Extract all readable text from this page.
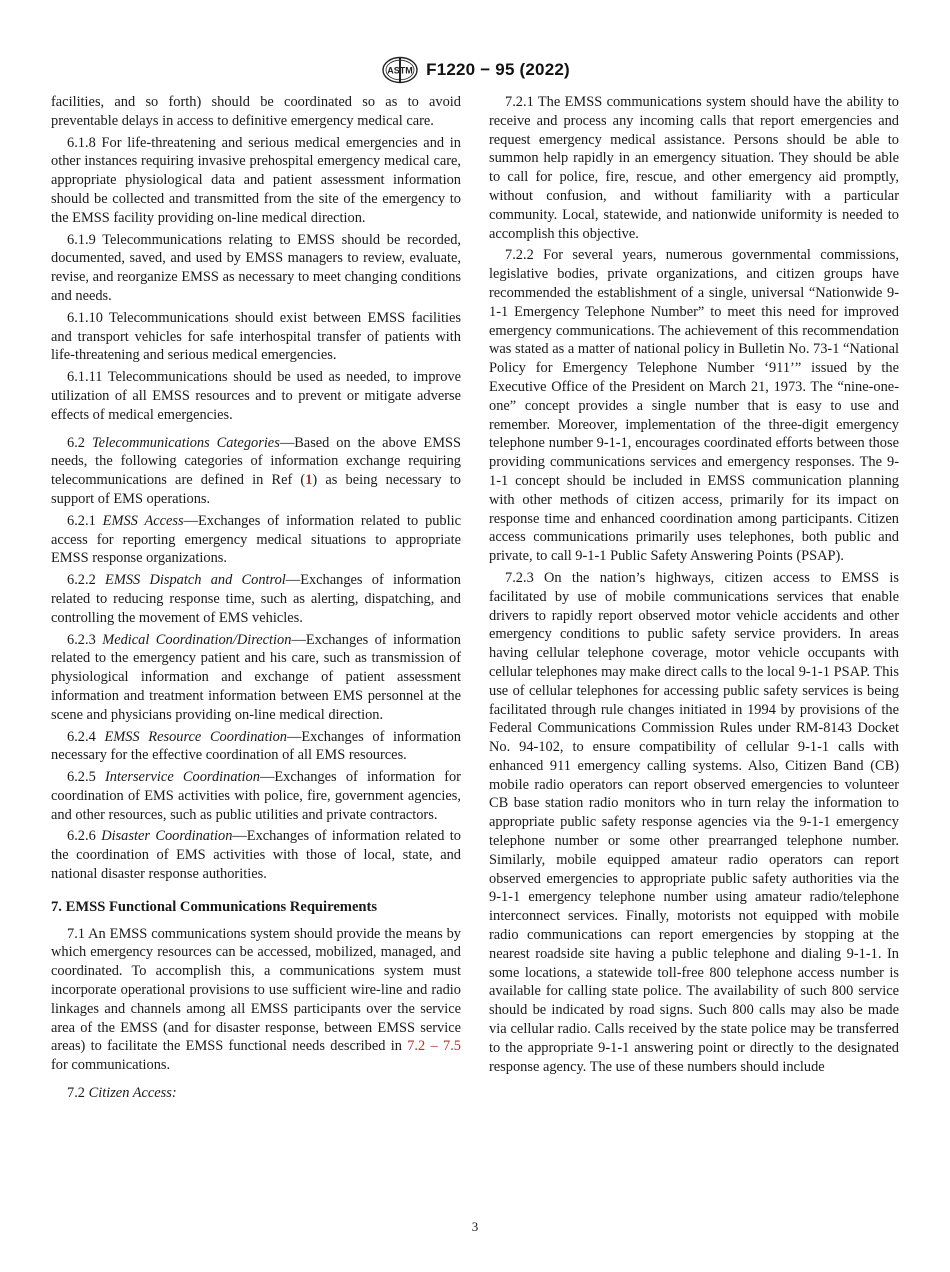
ASTM F1220 − 95 (2022)

facilities, and so forth) should be coordinated so as to avoid preventable delays in access to definitive emergency medical care.

6.1.8 For life-threatening and serious medical emergencies and in other instances requiring invasive prehospital emergency medical care, appropriate physiological data and patient assessment information should be collected and transmitted from the site of the emergency to the EMSS facility providing on-line medical direction.

6.1.9 Telecommunications relating to EMSS should be recorded, documented, saved, and used by EMSS managers to review, evaluate, revise, and reorganize EMSS as necessary to meet changing conditions and needs.

6.1.10 Telecommunications should exist between EMSS facilities and transport vehicles for safe interhospital transfer of patients with life-threatening and serious medical emergencies.

6.1.11 Telecommunications should be used as needed, to improve utilization of all EMSS resources and to prevent or mitigate adverse effects of medical emergencies.

6.2 Telecommunications Categories—Based on the above EMSS needs, the following categories of information exchange requiring telecommunications are defined in Ref (1) as being necessary to support of EMS operations.

6.2.1 EMSS Access—Exchanges of information related to public access for reporting emergency medical situations to appropriate EMSS response organizations.

6.2.2 EMSS Dispatch and Control—Exchanges of information related to reducing response time, such as alerting, dispatching, and controlling the movement of EMS vehicles.

6.2.3 Medical Coordination/Direction—Exchanges of information related to the emergency patient and his care, such as transmission of physiological information and exchange of patient assessment information and treatment information between EMS personnel at the scene and physicians providing on-line medical direction.

6.2.4 EMSS Resource Coordination—Exchanges of information necessary for the effective coordination of all EMS resources.

6.2.5 Interservice Coordination—Exchanges of information for coordination of EMS activities with police, fire, government agencies, and other resources, such as public utilities and private contractors.

6.2.6 Disaster Coordination—Exchanges of information related to the coordination of EMS activities with those of local, state, and national disaster response authorities.

7. EMSS Functional Communications Requirements

7.1 An EMSS communications system should provide the means by which emergency resources can be accessed, mobilized, managed, and coordinated. To accomplish this, a communications system must incorporate operational provisions to use sufficient wire-line and radio linkages and channels among all EMSS participants over the service area of the EMSS (and for disaster response, between EMSS service areas) to facilitate the EMSS functional needs described in 7.2 – 7.5 for communications.

7.2 Citizen Access:

7.2.1 The EMSS communications system should have the ability to receive and process any incoming calls that report emergencies and request emergency medical assistance. Persons should be able to summon help rapidly in an emergency situation. They should be able to call for police, fire, rescue, and other emergency aid promptly, without confusion, and without familiarity with a particular community. Local, statewide, and nationwide uniformity is needed to accomplish this objective.

7.2.2 For several years, numerous governmental commissions, legislative bodies, private organizations, and citizen groups have recommended the establishment of a single, universal “Nationwide 9-1-1 Emergency Telephone Number” to meet this need for improved emergency communications. The achievement of this recommendation was stated as a matter of national policy in Bulletin No. 73-1 “National Policy for Emergency Telephone Number ‘911’” issued by the Executive Office of the President on March 21, 1973. The “nine-one-one” concept provides a single number that is easy to use and remember. Moreover, implementation of the three-digit emergency telephone number 9-1-1, encourages coordinated efforts between those providing communications services and emergency responses. The 9-1-1 concept should be included in EMSS communication planning with other methods of citizen access, primarily for its impact on response time and enhanced coordination among participants. Citizen access communications primarily uses telephones, both public and private, to call 9-1-1 Public Safety Answering Points (PSAP).

7.2.3 On the nation’s highways, citizen access to EMSS is facilitated by use of mobile communications services that enable drivers to rapidly report observed motor vehicle accidents and other emergency conditions to public safety service providers. In areas having cellular telephone coverage, motor vehicle occupants with cellular telephones may make direct calls to the local 9-1-1 PSAP. This use of cellular telephones for accessing public safety services is being facilitated through rule changes initiated in 1994 by provisions of the Federal Communications Commission Rules under RM-8143 Docket No. 94-102, to ensure compatibility of cellular 9-1-1 calls with enhanced 911 emergency calling systems. Also, Citizen Band (CB) mobile radio operators can report observed emergencies to volunteer CB base station radio monitors who in turn relay the information to appropriate public safety response agencies via the 9-1-1 emergency telephone number or some other prearranged telephone number. Similarly, mobile equipped amateur radio operators can report observed emergencies to appropriate public safety authorities via the 9-1-1 emergency telephone number using amateur radio/telephone interconnect services. Finally, motorists not equipped with mobile radio communications can report emergencies by stopping at the nearest roadside site having a public telephone and dialing 9-1-1. In some locations, a statewide toll-free 800 telephone access number is available for calling state police. The availability of such 800 service should be indicated by road signs. Such 800 calls may also be made via cellular radio. Calls received by the state police may be transferred to the appropriate 9-1-1 answering point or directly to the designated response agency. The use of these numbers should include

3
